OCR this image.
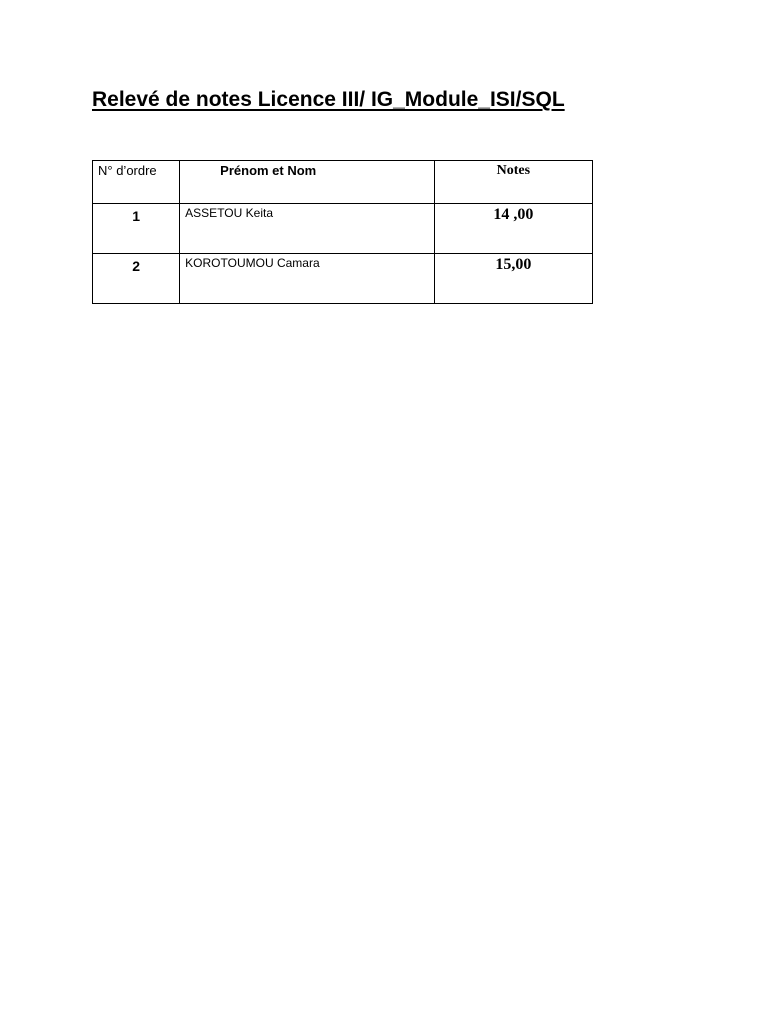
Relevé de notes Licence III/ IG_Module_ISI/SQL
N° d’ordre	Prénom et Nom	Notes
1	ASSETOU Keita	14 ,00
2	KOROTOUMOU Camara	15,00
